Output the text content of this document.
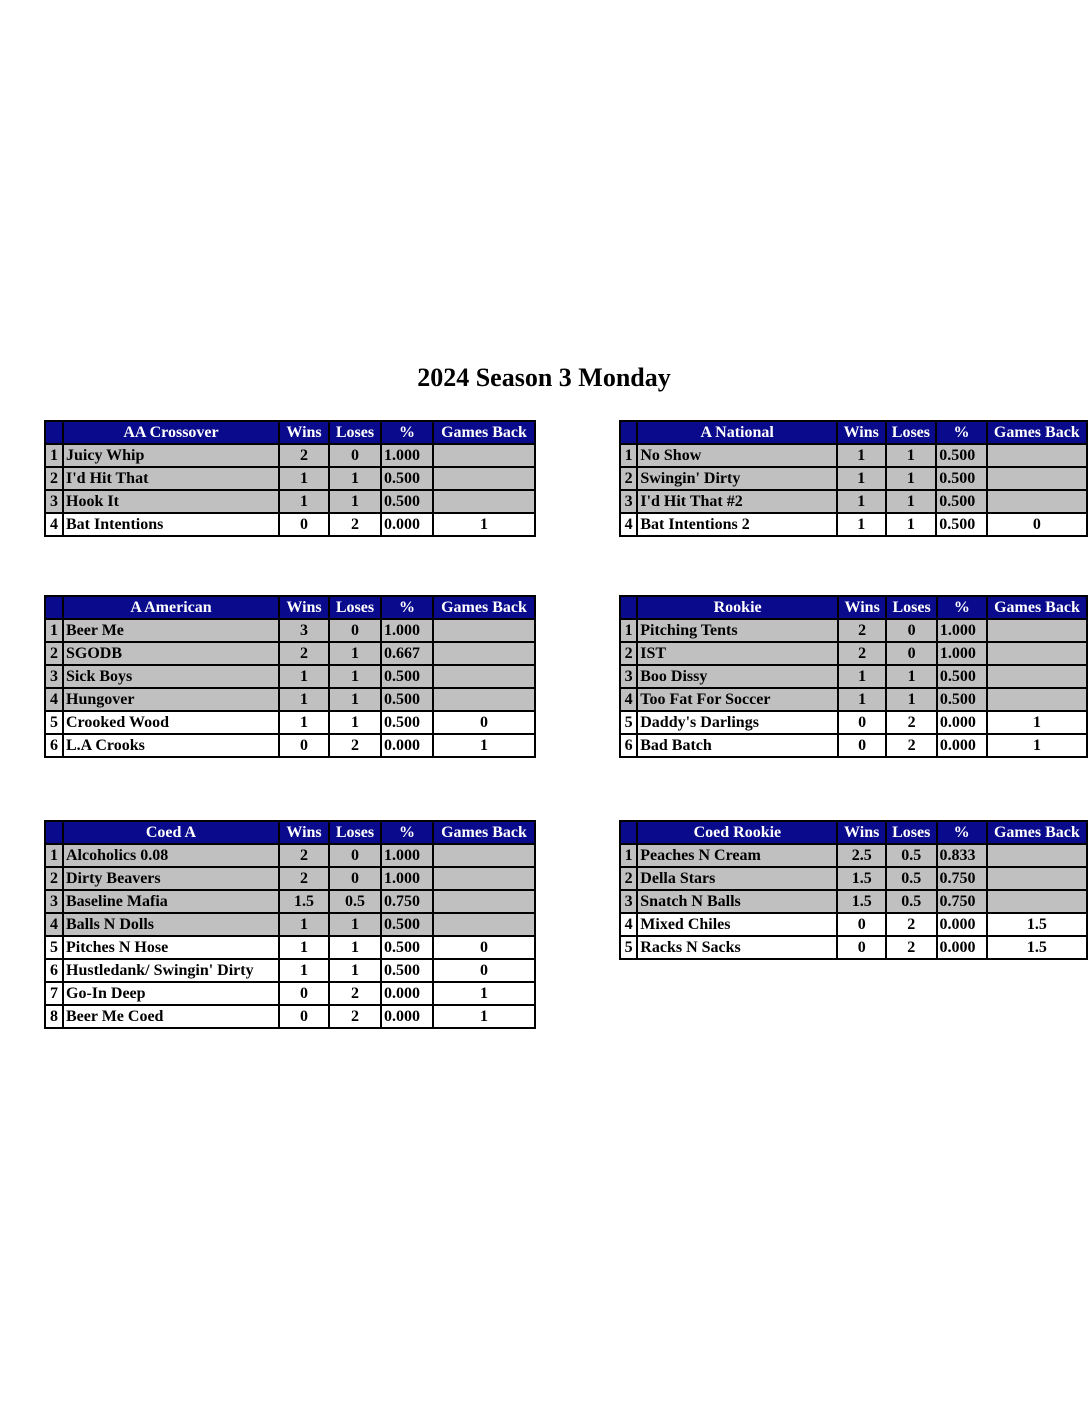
2024 Season 3 Monday
	AA Crossover	Wins	Loses	%	Games Back
1	Juicy Whip	2	0	1.000	
2	I'd Hit That	1	1	0.500	
3	Hook It	1	1	0.500	
4	Bat Intentions	0	2	0.000	1
	A National	Wins	Loses	%	Games Back
1	No Show	1	1	0.500	
2	Swingin' Dirty	1	1	0.500	
3	I'd Hit That #2	1	1	0.500	
4	Bat Intentions 2	1	1	0.500	0
	A American	Wins	Loses	%	Games Back
1	Beer Me	3	0	1.000	
2	SGODB	2	1	0.667	
3	Sick Boys	1	1	0.500	
4	Hungover	1	1	0.500	
5	Crooked Wood	1	1	0.500	0
6	L.A Crooks	0	2	0.000	1
	Rookie	Wins	Loses	%	Games Back
1	Pitching Tents	2	0	1.000	
2	IST	2	0	1.000	
3	Boo Dissy	1	1	0.500	
4	Too Fat For Soccer	1	1	0.500	
5	Daddy's Darlings	0	2	0.000	1
6	Bad Batch	0	2	0.000	1
	Coed A	Wins	Loses	%	Games Back
1	Alcoholics 0.08	2	0	1.000	
2	Dirty Beavers	2	0	1.000	
3	Baseline Mafia	1.5	0.5	0.750	
4	Balls N Dolls	1	1	0.500	
5	Pitches N Hose	1	1	0.500	0
6	Hustledank/ Swingin' Dirty	1	1	0.500	0
7	Go-In Deep	0	2	0.000	1
8	Beer Me Coed	0	2	0.000	1
	Coed Rookie	Wins	Loses	%	Games Back
1	Peaches N Cream	2.5	0.5	0.833	
2	Della Stars	1.5	0.5	0.750	
3	Snatch N Balls	1.5	0.5	0.750	
4	Mixed Chiles	0	2	0.000	1.5
5	Racks N Sacks	0	2	0.000	1.5
